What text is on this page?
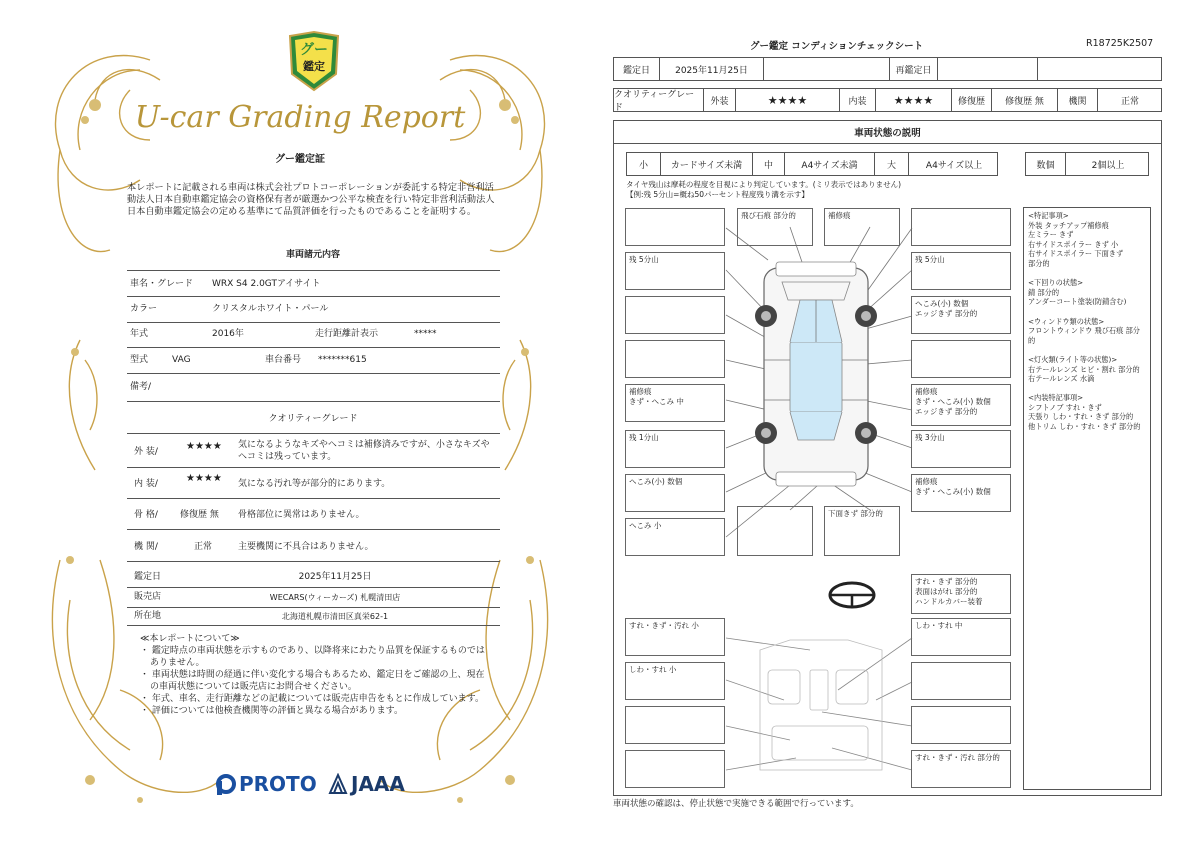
グー
鑑定
U-car Grading Report
グー鑑定証
本レポートに記載される車両は株式会社プロトコーポレーションが委託する特定非営利活動法人日本自動車鑑定協会の資格保有者が厳選かつ公平な検査を行い特定非営利活動法人日本自動車鑑定協会の定める基準にて品質評価を行ったものであることを証明する。
車両諸元内容
車名・グレード WRX S4 2.0GTアイサイト
カラー	クリスタルホワイト・パール
年式	2016年	走行距離計表示	*****
型式	VAG	車台番号 *******615
備考/
クオリティーグレード
外 装/	★★★★ 気になるようなキズやヘコミは補修済みですが、小さなキズやヘコミは残っています。
内 装/	★★★★ 気になる汚れ等が部分的にあります。
骨 格/ 修復歴 無 骨格部位に異常はありません。
機 関/	正常	主要機関に不具合はありません。
鑑定日	2025年11月25日
販売店	WECARS(ウィーカーズ) 札幌清田店
所在地	北海道札幌市清田区真栄62-1
≪本レポートについて≫
・ 鑑定時点の車両状態を示すものであり、以降将来にわたり品質を保証するものではありません。
・ 車両状態は時間の経過に伴い変化する場合もあるため、鑑定日をご確認の上、現在の車両状態については販売店にお問合せください。
・ 年式、車名、走行距離などの記載については販売店申告をもとに作成しています。
・ 評価については他検査機関等の評価と異なる場合があります。
PROTO JAAA
グー鑑定 コンディションチェックシート	R18725K2507
鑑定日	2025年11月25日	再鑑定日
クオリティーグレード
外装	★★★★	内装	★★★★	修復歴	修復歴 無	機関	正常
車両状態の説明
小	カードサイズ未満	中	A4サイズ未満	大	A4サイズ以上	数個	2個以上
タイヤ残山は摩耗の程度を目視により判定しています。(ミリ表示ではありません)
【例:残 5分山=概ね50パーセント程度残り溝を示す】
残 5分山
補修痕
きず・へこみ 中
残 1分山
へこみ(小) 数個
へこみ 小
飛び石痕 部分的	補修痕
残 5分山
へこみ(小) 数個
エッジきず 部分的
補修痕
きず・へこみ(小) 数個
エッジきず 部分的
残 3分山
補修痕
きず・へこみ(小) 数個
下面きず 部分的
すれ・きず 部分的
表面はがれ 部分的
ハンドルカバー装着
すれ・きず・汚れ 小
しわ・すれ 小
しわ・すれ 中
すれ・きず・汚れ 部分的
<特記事項>
外装 タッチアップ補修痕
左ミラー きず
右サイドスポイラー きず 小
右サイドスポイラー 下面きず
部分的
<下回りの状態>
錆 部分的
アンダーコート塗装(防錆含む)
<ウィンドウ類の状態>
フロントウィンドウ 飛び石痕 部分的
<灯火類(ライト等の状態)>
右テールレンズ ヒビ・割れ 部分的
右テールレンズ 水滴
<内装特記事項>
シフトノブ すれ・きず
天張り しわ・すれ・きず 部分的
他トリム しわ・すれ・きず 部分的
車両状態の確認は、停止状態で実施できる範囲で行っています。
